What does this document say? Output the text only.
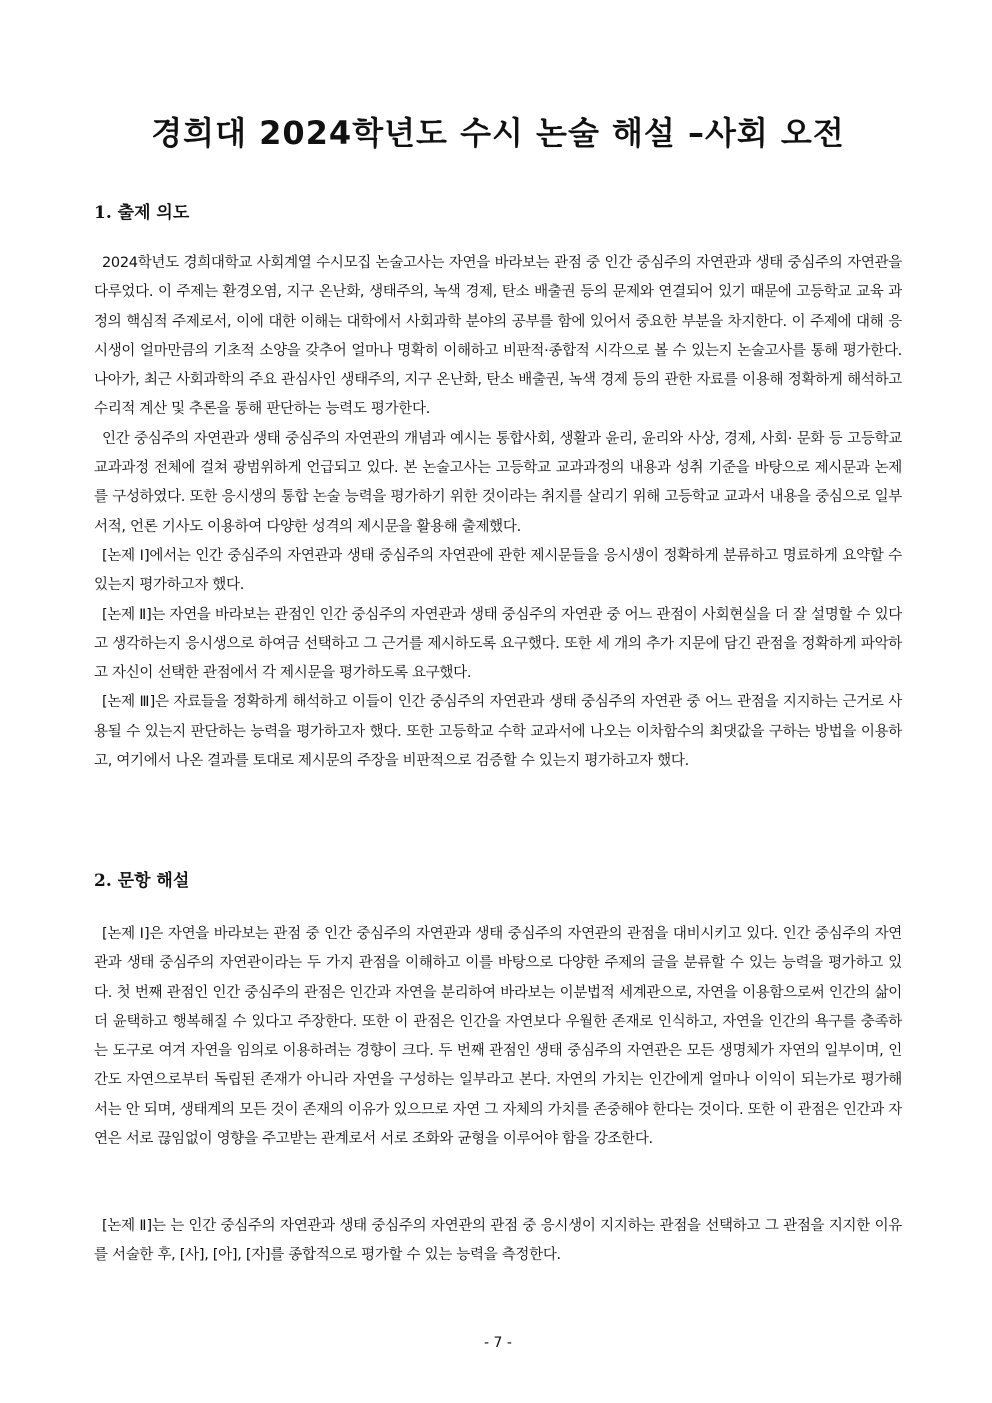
경희대 2024학년도 수시 논술 해설 –사회 오전
1. 출제 의도

2024학년도 경희대학교 사회계열 수시모집 논술고사는 자연을 바라보는 관점 중 인간 중심주의 자연관과 생태 중심주의 자연관을 다루었다. 이 주제는 환경오염, 지구 온난화, 생태주의, 녹색 경제, 탄소 배출권 등의 문제와 연결되어 있기 때문에 고등학교 교육 과정의 핵심적 주제로서, 이에 대한 이해는 대학에서 사회과학 분야의 공부를 함에 있어서 중요한 부분을 차지한다. 이 주제에 대해 응시생이 얼마만큼의 기초적 소양을 갖추어 얼마나 명확히 이해하고 비판적·종합적 시각으로 볼 수 있는지 논술고사를 통해 평가한다. 나아가, 최근 사회과학의 주요 관심사인 생태주의, 지구 온난화, 탄소 배출권, 녹색 경제 등의 관한 자료를 이용해 정확하게 해석하고 수리적 계산 및 추론을 통해 판단하는 능력도 평가한다.

인간 중심주의 자연관과 생태 중심주의 자연관의 개념과 예시는 통합사회, 생활과 윤리, 윤리와 사상, 경제, 사회· 문화 등 고등학교 교과과정 전체에 걸쳐 광범위하게 언급되고 있다. 본 논술고사는 고등학교 교과과정의 내용과 성취 기준을 바탕으로 제시문과 논제를 구성하였다. 또한 응시생의 통합 논술 능력을 평가하기 위한 것이라는 취지를 살리기 위해 고등학교 교과서 내용을 중심으로 일부 서적, 언론 기사도 이용하여 다양한 성격의 제시문을 활용해 출제했다.

[논제 Ⅰ]에서는 인간 중심주의 자연관과 생태 중심주의 자연관에 관한 제시문들을 응시생이 정확하게 분류하고 명료하게 요약할 수 있는지 평가하고자 했다.

[논제 Ⅱ]는 자연을 바라보는 관점인 인간 중심주의 자연관과 생태 중심주의 자연관 중 어느 관점이 사회현실을 더 잘 설명할 수 있다고 생각하는지 응시생으로 하여금 선택하고 그 근거를 제시하도록 요구했다. 또한 세 개의 추가 지문에 담긴 관점을 정확하게 파악하고 자신이 선택한 관점에서 각 제시문을 평가하도록 요구했다.

[논제 Ⅲ]은 자료들을 정확하게 해석하고 이들이 인간 중심주의 자연관과 생태 중심주의 자연관 중 어느 관점을 지지하는 근거로 사용될 수 있는지 판단하는 능력을 평가하고자 했다. 또한 고등학교 수학 교과서에 나오는 이차함수의 최댓값을 구하는 방법을 이용하고, 여기에서 나온 결과를 토대로 제시문의 주장을 비판적으로 검증할 수 있는지 평가하고자 했다.

2. 문항 해설

[논제 Ⅰ]은 자연을 바라보는 관점 중 인간 중심주의 자연관과 생태 중심주의 자연관의 관점을 대비시키고 있다. 인간 중심주의 자연관과 생태 중심주의 자연관이라는 두 가지 관점을 이해하고 이를 바탕으로 다양한 주제의 글을 분류할 수 있는 능력을 평가하고 있다. 첫 번째 관점인 인간 중심주의 관점은 인간과 자연을 분리하여 바라보는 이분법적 세계관으로, 자연을 이용함으로써 인간의 삶이 더 윤택하고 행복해질 수 있다고 주장한다. 또한 이 관점은 인간을 자연보다 우월한 존재로 인식하고, 자연을 인간의 욕구를 충족하는 도구로 여겨 자연을 임의로 이용하려는 경향이 크다. 두 번째 관점인 생태 중심주의 자연관은 모든 생명체가 자연의 일부이며, 인간도 자연으로부터 독립된 존재가 아니라 자연을 구성하는 일부라고 본다. 자연의 가치는 인간에게 얼마나 이익이 되는가로 평가해서는 안 되며, 생태계의 모든 것이 존재의 이유가 있으므로 자연 그 자체의 가치를 존중해야 한다는 것이다. 또한 이 관점은 인간과 자연은 서로 끊임없이 영향을 주고받는 관계로서 서로 조화와 균형을 이루어야 함을 강조한다.

[논제 Ⅱ]는 는 인간 중심주의 자연관과 생태 중심주의 자연관의 관점 중 응시생이 지지하는 관점을 선택하고 그 관점을 지지한 이유를 서술한 후, [사], [아], [자]를 종합적으로 평가할 수 있는 능력을 측정한다.

- 7 -
